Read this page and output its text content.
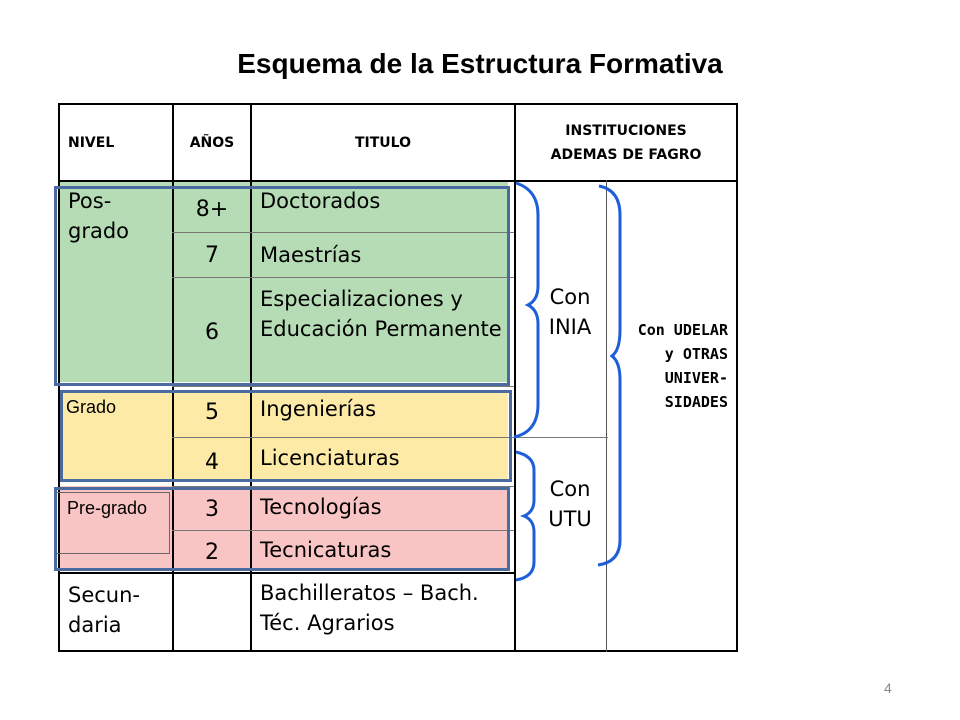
Esquema de la Estructura Formativa
NIVEL	AÑOS	TITULO
INSTITUCIONES ADEMAS DE FAGRO
8+
7
6
5
4
3
2
Doctorados
Maestrías
Especializaciones y Educación Permanente
Ingenierías
Licenciaturas
Tecnologías
Tecnicaturas
Bachilleratos – Bach. Téc. Agrarios
Pos-grado
Grado
Pre-grado
Secun-daria
Con INIA
Con UTU
Con UDELAR y OTRAS UNIVER-SIDADES
4
